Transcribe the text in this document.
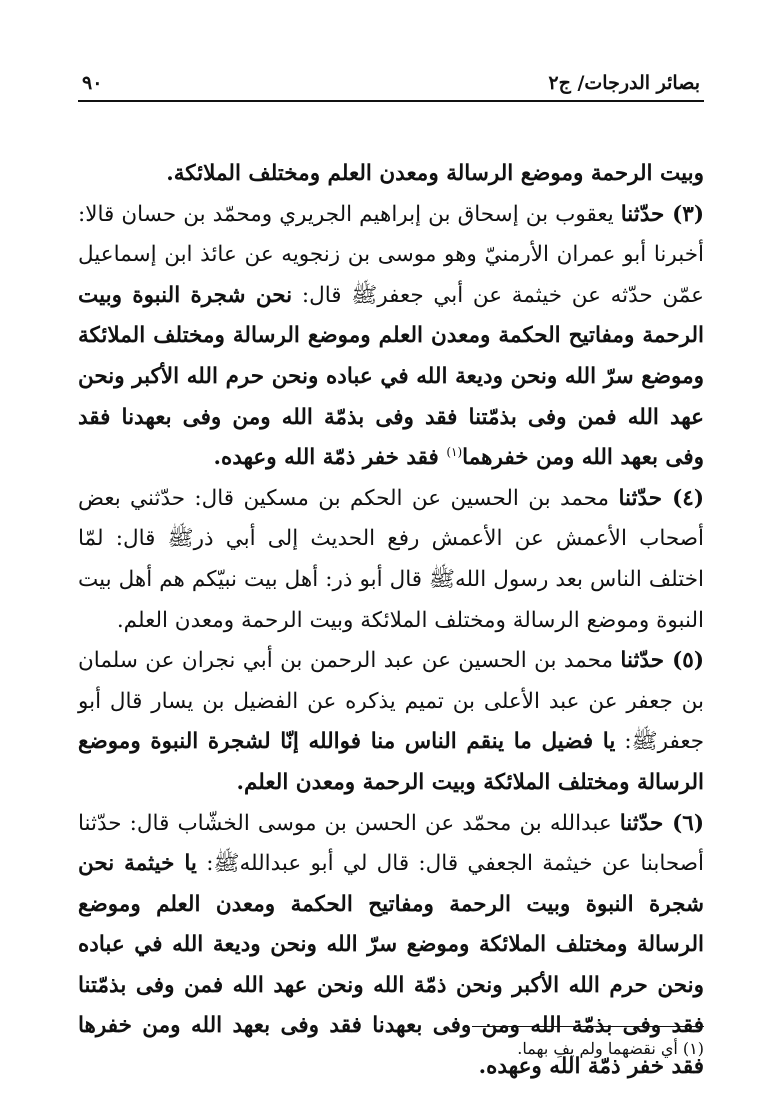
بصائر الدرجات/ ج٢
٩٠

وبيت الرحمة وموضع الرسالة ومعدن العلم ومختلف الملائكة.

(٣) حدّثنا يعقوب بن إسحاق بن إبراهيم الجريري ومحمّد بن حسان قالا: أخبرنا أبو عمران الأرمنيّ وهو موسى بن زنجويه عن عائذ ابن إسماعيل عمّن حدّثه عن خيثمة عن أبي جعفرﷺ قال: نحن شجرة النبوة وبيت الرحمة ومفاتيح الحكمة ومعدن العلم وموضع الرسالة ومختلف الملائكة وموضع سرّ الله ونحن وديعة الله في عباده ونحن حرم الله الأكبر ونحن عهد الله فمن وفى بذمّتنا فقد وفى بذمّة الله ومن وفى بعهدنا فقد وفى بعهد الله ومن خفرهما$^{(١)}$ فقد خفر ذمّة الله وعهده.

(٤) حدّثنا محمد بن الحسين عن الحكم بن مسكين قال: حدّثني بعض أصحاب الأعمش عن الأعمش رفع الحديث إلى أبي ذرﷺ قال: لمّا اختلف الناس بعد رسول اللهﷺ قال أبو ذر: أهل بيت نبيّكم هم أهل بيت النبوة وموضع الرسالة ومختلف الملائكة وبيت الرحمة ومعدن العلم.

(٥) حدّثنا محمد بن الحسين عن عبد الرحمن بن أبي نجران عن سلمان بن جعفر عن عبد الأعلى بن تميم يذكره عن الفضيل بن يسار قال أبو جعفرﷺ: يا فضيل ما ينقم الناس منا فوالله إنّا لشجرة النبوة وموضع الرسالة ومختلف الملائكة وبيت الرحمة ومعدن العلم.

(٦) حدّثنا عبدالله بن محمّد عن الحسن بن موسى الخشّاب قال: حدّثنا أصحابنا عن خيثمة الجعفي قال: قال لي أبو عبداللهﷺ: يا خيثمة نحن شجرة النبوة وبيت الرحمة ومفاتيح الحكمة ومعدن العلم وموضع الرسالة ومختلف الملائكة وموضع سرّ الله ونحن وديعة الله في عباده ونحن حرم الله الأكبر ونحن ذمّة الله ونحن عهد الله فمن وفى بذمّتنا فقد وفى بذمّة الله ومن وفى بعهدنا فقد وفى بعهد الله ومن خفرها فقد خفر ذمّة الله وعهده.

(١) أي نقضهما ولم يفِ بهما.
